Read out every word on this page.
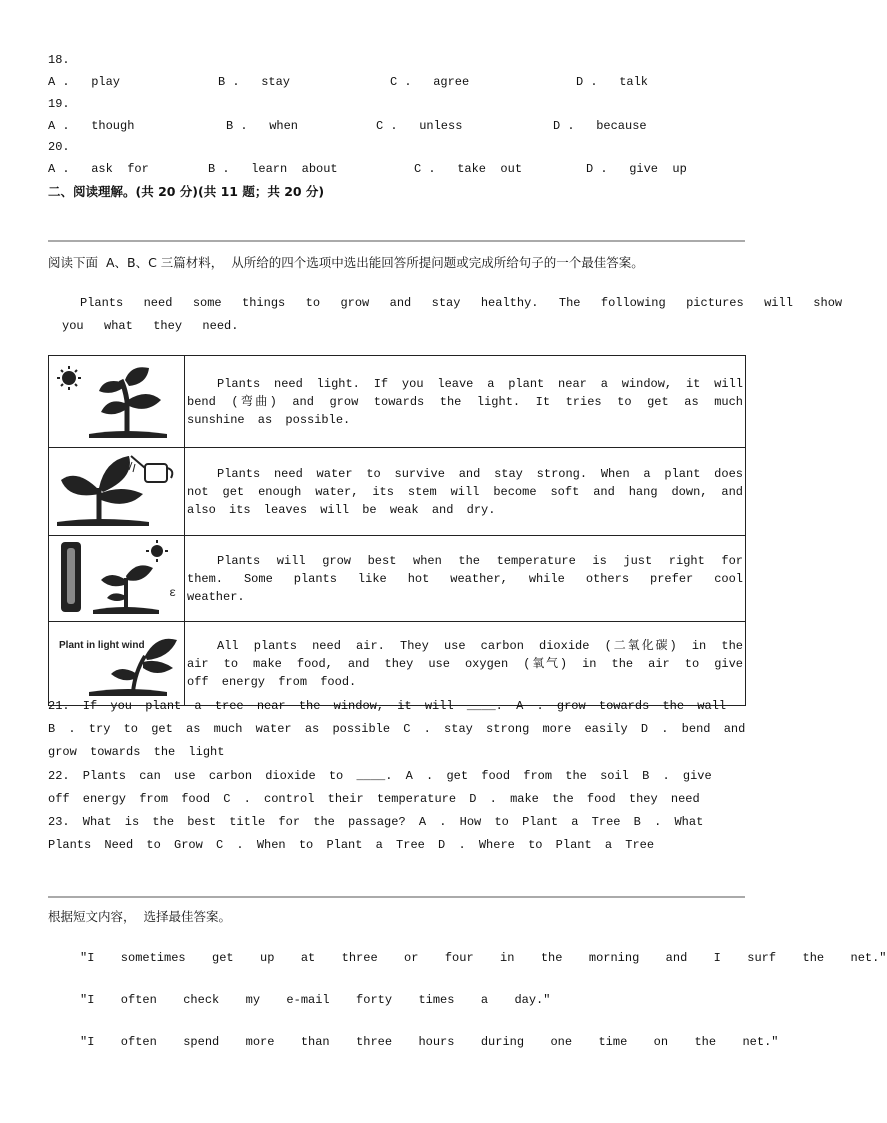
18.
A .   play	B .   stay	C .   agree	D .   talk
19.
A .   though	B .   when	C .   unless	D .   because
20.
A .   ask  for	B .   learn  about	C .   take  out	D .   give  up
二、阅读理解。(共 20 分)(共 11 题；共 20 分)
阅读下面  A、B、C 三篇材料，  从所给的四个选项中选出能回答所提问题或完成所给句子的一个最佳答案。
Plants  need  some  things  to  grow  and  stay  healthy.  The  following  pictures  will  show
you  what  they  need.
	Plants need light. If you leave a plant near a window, it will bend (弯曲) and grow towards the light. It tries to get as much sunshine as possible.
	Plants need water to survive and stay strong. When a plant does not get enough water, its stem will become soft and hang down, and also its leaves will be weak and dry.

ɛ	Plants will grow best when the temperature is just right for them. Some plants like hot weather, while others prefer cool weather.

Plant in light wind	All plants need air. They use carbon dioxide (二氧化碳) in the air to make food, and they use oxygen (氧气) in the air to give off energy from food.
21. If you plant a tree near the window, it will ____. A . grow towards the wall B . try to get as much water as possible C . stay strong more easily D . bend and grow towards the light
22. Plants can use carbon dioxide to ____. A . get food from the soil B . give off energy from food C . control their temperature D . make the food they need
23. What is the best title for the passage? A . How to Plant a Tree B . What Plants Need to Grow C . When to Plant a Tree D . Where to Plant a Tree
根据短文内容，  选择最佳答案。
"I  sometimes  get  up  at  three  or  four  in  the  morning  and  I  surf  the  net."
"I  often  check  my  e-mail  forty  times  a  day."
"I  often  spend  more  than  three  hours  during  one  time  on  the  net."
